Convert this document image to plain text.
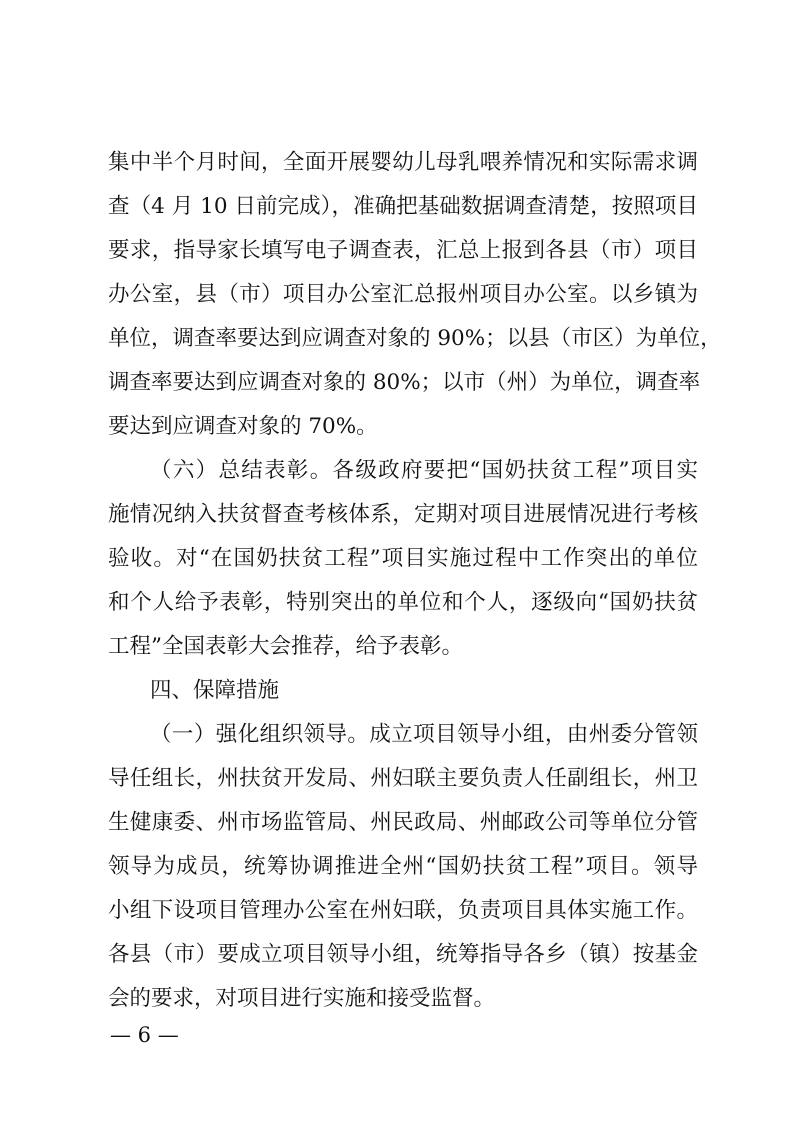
集中半个月时间，全面开展婴幼儿母乳喂养情况和实际需求调
查（4 月 10 日前完成），准确把基础数据调查清楚，按照项目
要求，指导家长填写电子调查表，汇总上报到各县（市）项目
办公室，县（市）项目办公室汇总报州项目办公室。以乡镇为
单位，调查率要达到应调查对象的 90%；以县（市区）为单位，
调查率要达到应调查对象的 80%；以市（州）为单位，调查率
要达到应调查对象的 70%。
（六）总结表彰。各级政府要把“国奶扶贫工程”项目实
施情况纳入扶贫督查考核体系，定期对项目进展情况进行考核
验收。对“在国奶扶贫工程”项目实施过程中工作突出的单位
和个人给予表彰，特别突出的单位和个人，逐级向“国奶扶贫
工程”全国表彰大会推荐，给予表彰。
四、保障措施
（一）强化组织领导。成立项目领导小组，由州委分管领
导任组长，州扶贫开发局、州妇联主要负责人任副组长，州卫
生健康委、州市场监管局、州民政局、州邮政公司等单位分管
领导为成员，统筹协调推进全州“国奶扶贫工程”项目。领导
小组下设项目管理办公室在州妇联，负责项目具体实施工作。
各县（市）要成立项目领导小组，统筹指导各乡（镇）按基金
会的要求，对项目进行实施和接受监督。
— 6 —
